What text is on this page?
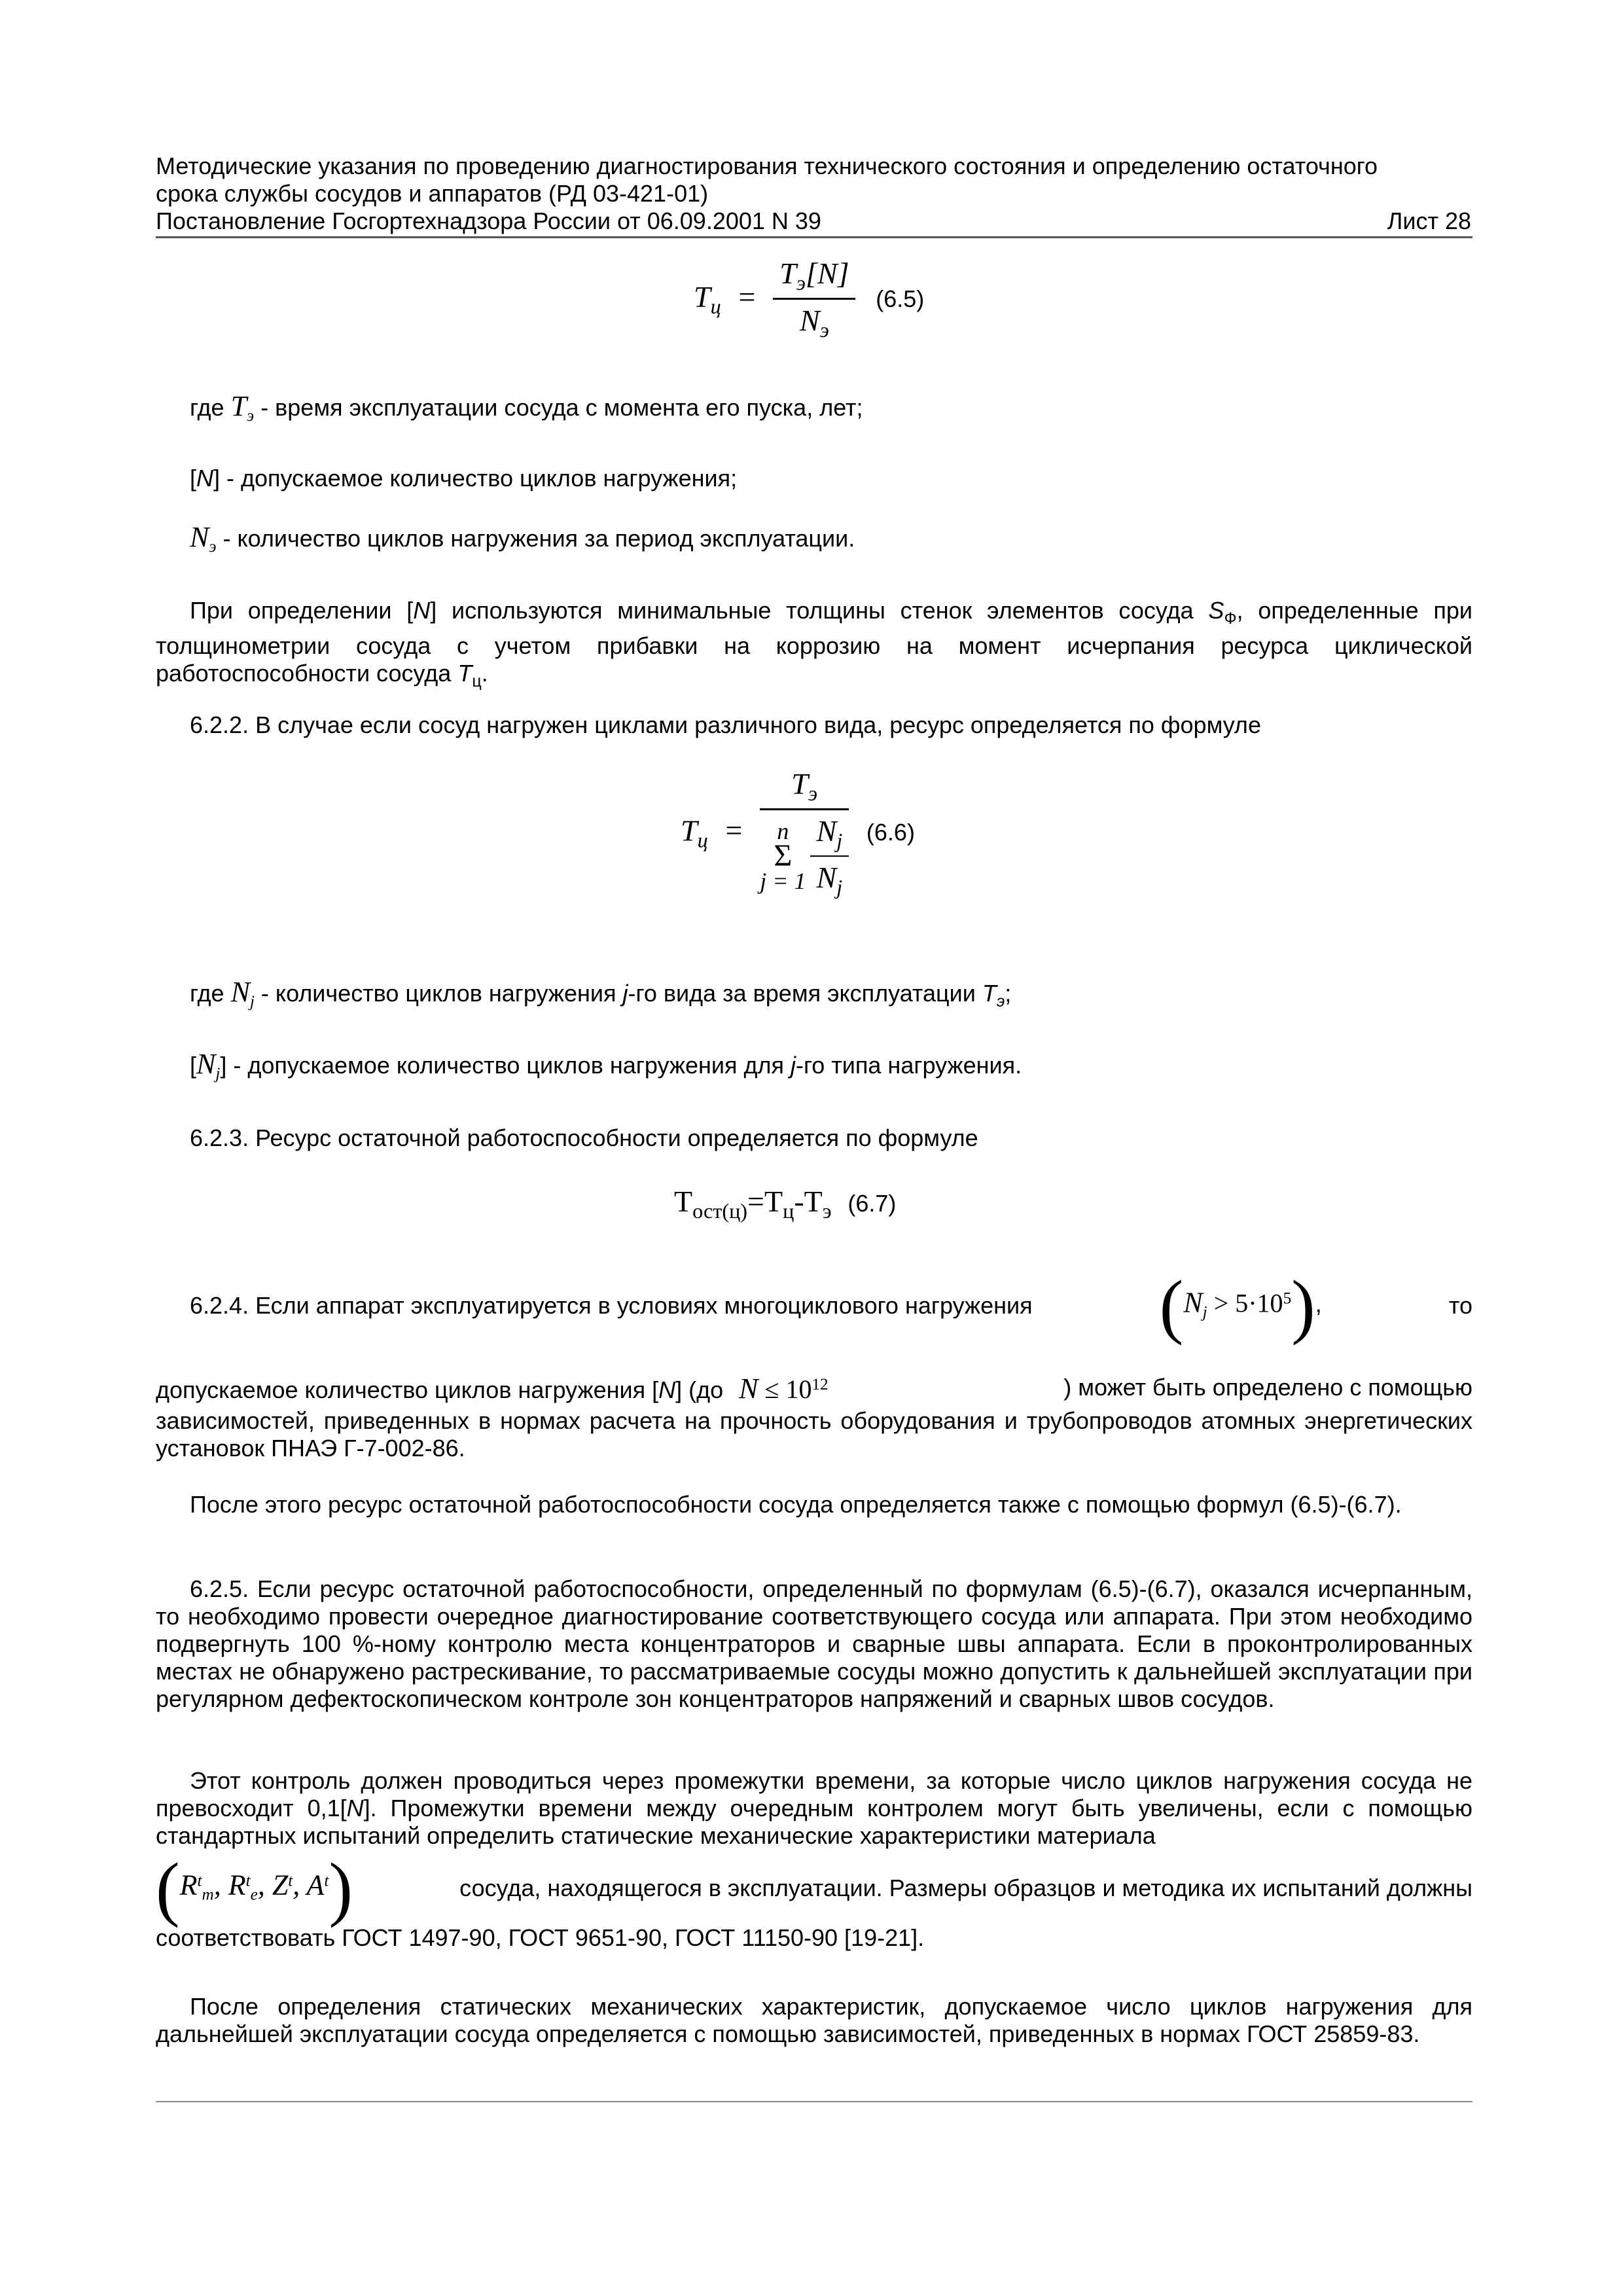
Методические указания по проведению диагностирования технического состояния и определению остаточного
срока службы сосудов и аппаратов (РД 03-421-01)
Постановление Госгортехнадзора России от 06.09.2001 N 39	Лист 28
$T_ц = \frac{T_э[N]}{N_э} (6.5)$
где $T_э$ - время эксплуатации сосуда с момента его пуска, лет;
[N] - допускаемое количество циклов нагружения;
$N_э$ - количество циклов нагружения за период эксплуатации.
При определении [N] используются минимальные толщины стенок элементов сосуда $S_Ф$, определенные при толщинометрии сосуда с учетом прибавки на коррозию на момент исчерпания ресурса циклической работоспособности сосуда $T_ц$.
6.2.2. В случае если сосуд нагружен циклами различного вида, ресурс определяется по формуле
$T_ц$ =
$T_э$
n
Σ
$j = 1 \frac{N_j}{N_j} (6.6)$
где $N_j$ - количество циклов нагружения j-го вида за время эксплуатации $T_э$;
$[N_j]$ - допускаемое количество циклов нагружения для j-го типа нагружения.
6.2.3. Ресурс остаточной работоспособности определяется по формуле
$T_{ост(ц)}=T_ц-T_э$ (6.7)
6.2.4. Если аппарат эксплуатируется в условиях многоциклового нагружения $(N_j > 5\cdot 10^5)$,	то
допускаемое количество циклов нагружения [N] (до $N \le 10^{12}$	) может быть определено с помощью
зависимостей, приведенных в нормах расчета на прочность оборудования и трубопроводов атомных энергетических установок ПНАЭ Г-7-002-86.
После этого ресурс остаточной работоспособности сосуда определяется также с помощью формул (6.5)-(6.7).
6.2.5. Если ресурс остаточной работоспособности, определенный по формулам (6.5)-(6.7), оказался исчерпанным, то необходимо провести очередное диагностирование соответствующего сосуда или аппарата. При этом необходимо подвергнуть 100 %-ному контролю места концентраторов и сварные швы аппарата. Если в проконтролированных местах не обнаружено растрескивание, то рассматриваемые сосуды можно допустить к дальнейшей эксплуатации при регулярном дефектоскопическом контроле зон концентраторов напряжений и сварных швов сосудов.
Этот контроль должен проводиться через промежутки времени, за которые число циклов нагружения сосуда не превосходит 0,1[N]. Промежутки времени между очередным контролем могут быть увеличены, если с помощью стандартных испытаний определить статические механические характеристики материала
($R^t_m$, $R^t_e$, $Z^t$, $A^t$)	сосуда, находящегося в эксплуатации. Размеры образцов и методика их испытаний должны
соответствовать ГОСТ 1497-90, ГОСТ 9651-90, ГОСТ 11150-90 [19-21].
После определения статических механических характеристик, допускаемое число циклов нагружения для дальнейшей эксплуатации сосуда определяется с помощью зависимостей, приведенных в нормах ГОСТ 25859-83.
